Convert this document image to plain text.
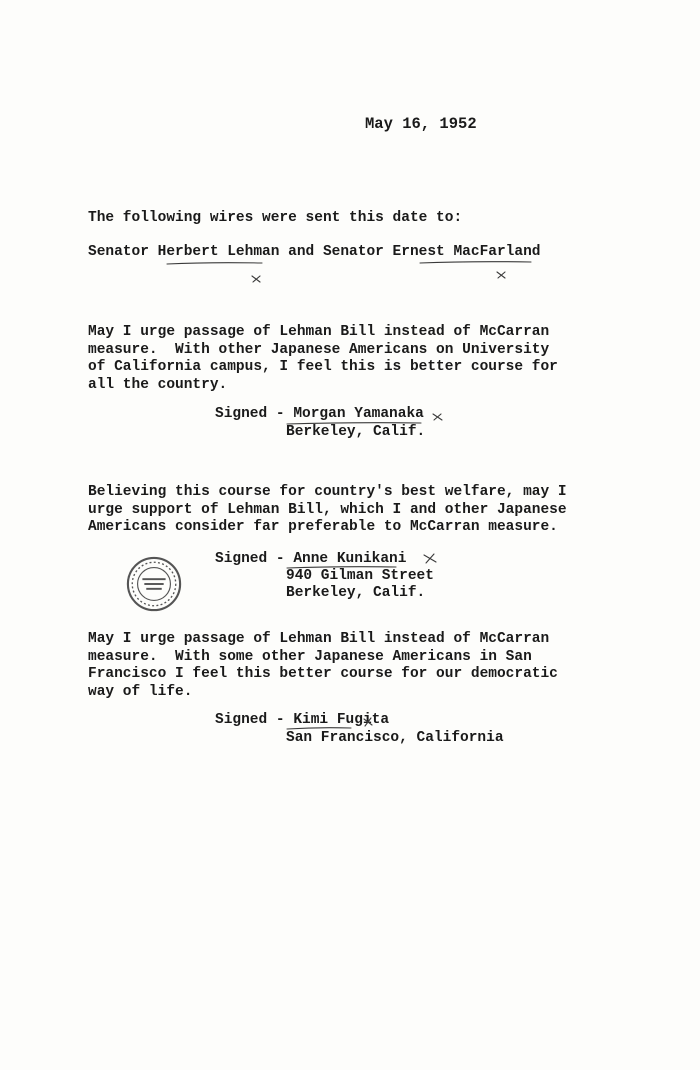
May 16, 1952
The following wires were sent this date to:
Senator Herbert Lehman and Senator Ernest MacFarland
May I urge passage of Lehman Bill instead of McCarran
measure.  With other Japanese Americans on University
of California campus, I feel this is better course for
all the country.
Signed - Morgan Yamanaka
Berkeley, Calif.
Believing this course for country's best welfare, may I
urge support of Lehman Bill, which I and other Japanese
Americans consider far preferable to McCarran measure.
Signed - Anne Kunikani
940 Gilman Street
Berkeley, Calif.
May I urge passage of Lehman Bill instead of McCarran
measure.  With some other Japanese Americans in San
Francisco I feel this better course for our democratic
way of life.
Signed - Kimi Fugita
San Francisco, California
